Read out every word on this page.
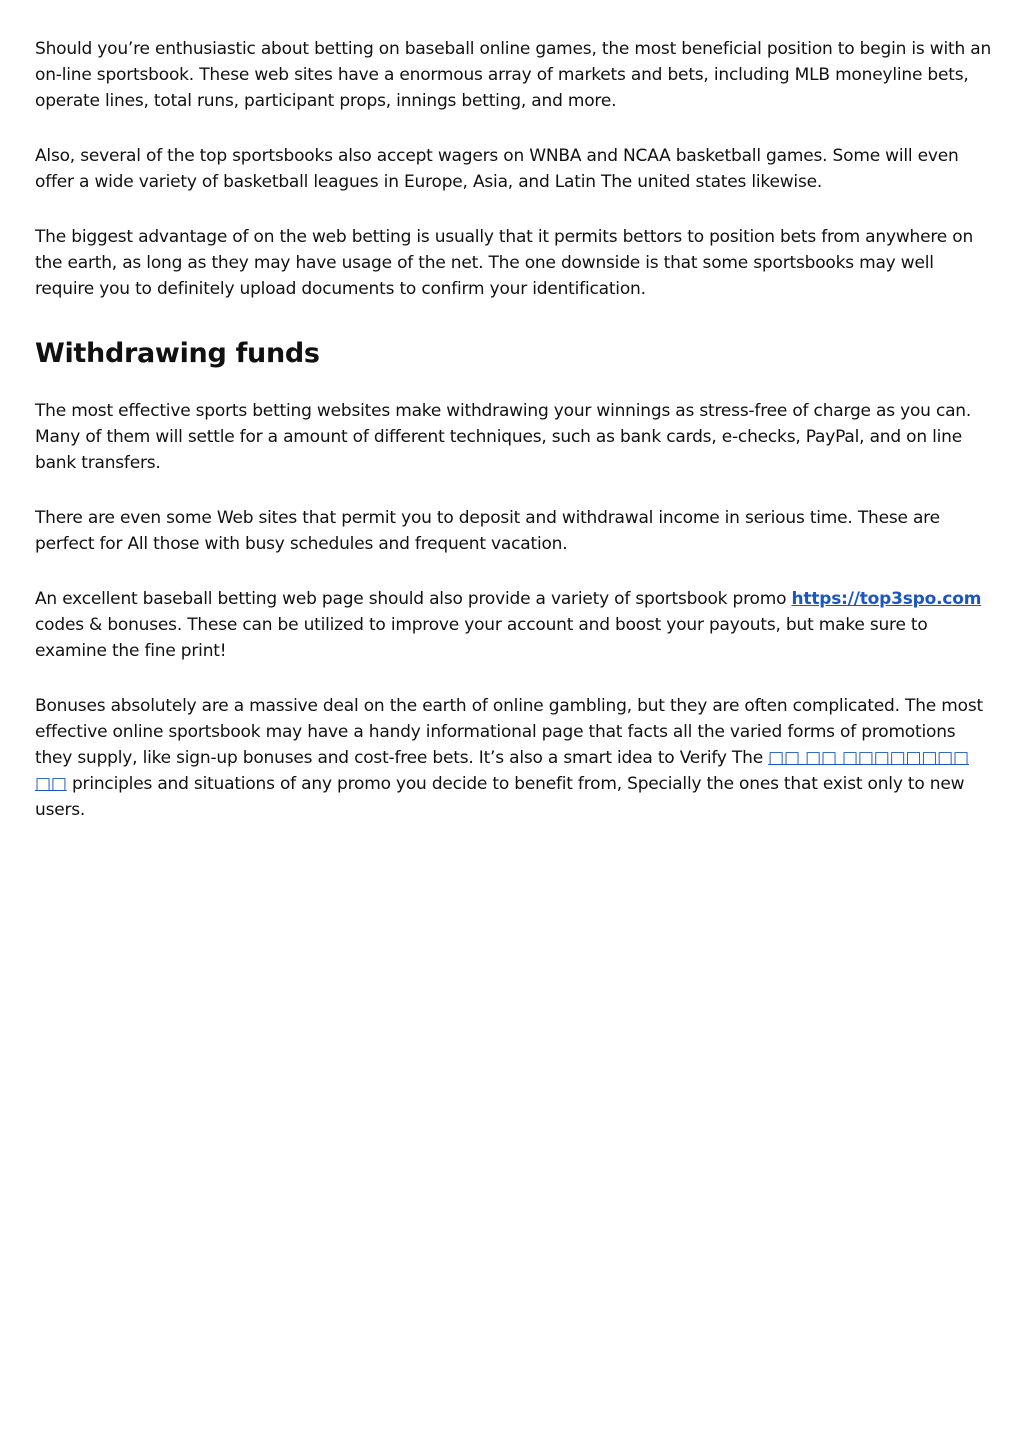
Should you’re enthusiastic about betting on baseball online games, the most beneficial position to begin is with an on-line sportsbook. These web sites have a enormous array of markets and bets, including MLB moneyline bets, operate lines, total runs, participant props, innings betting, and more.

Also, several of the top sportsbooks also accept wagers on WNBA and NCAA basketball games. Some will even offer a wide variety of basketball leagues in Europe, Asia, and Latin The united states likewise.

The biggest advantage of on the web betting is usually that it permits bettors to position bets from anywhere on the earth, as long as they may have usage of the net. The one downside is that some sportsbooks may well require you to definitely upload documents to confirm your identification.

Withdrawing funds

The most effective sports betting websites make withdrawing your winnings as stress-free of charge as you can. Many of them will settle for a amount of different techniques, such as bank cards, e-checks, PayPal, and on line bank transfers.

There are even some Web sites that permit you to deposit and withdrawal income in serious time. These are perfect for All those with busy schedules and frequent vacation.

An excellent baseball betting web page should also provide a variety of sportsbook promo https://top3spo.com codes & bonuses. These can be utilized to improve your account and boost your payouts, but make sure to examine the fine print!

Bonuses absolutely are a massive deal on the earth of online gambling, but they are often complicated. The most effective online sportsbook may have a handy informational page that facts all the varied forms of promotions they supply, like sign-up bonuses and cost-free bets. It’s also a smart idea to Verify The □□ □□ □□□□□□□□ □□ principles and situations of any promo you decide to benefit from, Specially the ones that exist only to new users.
